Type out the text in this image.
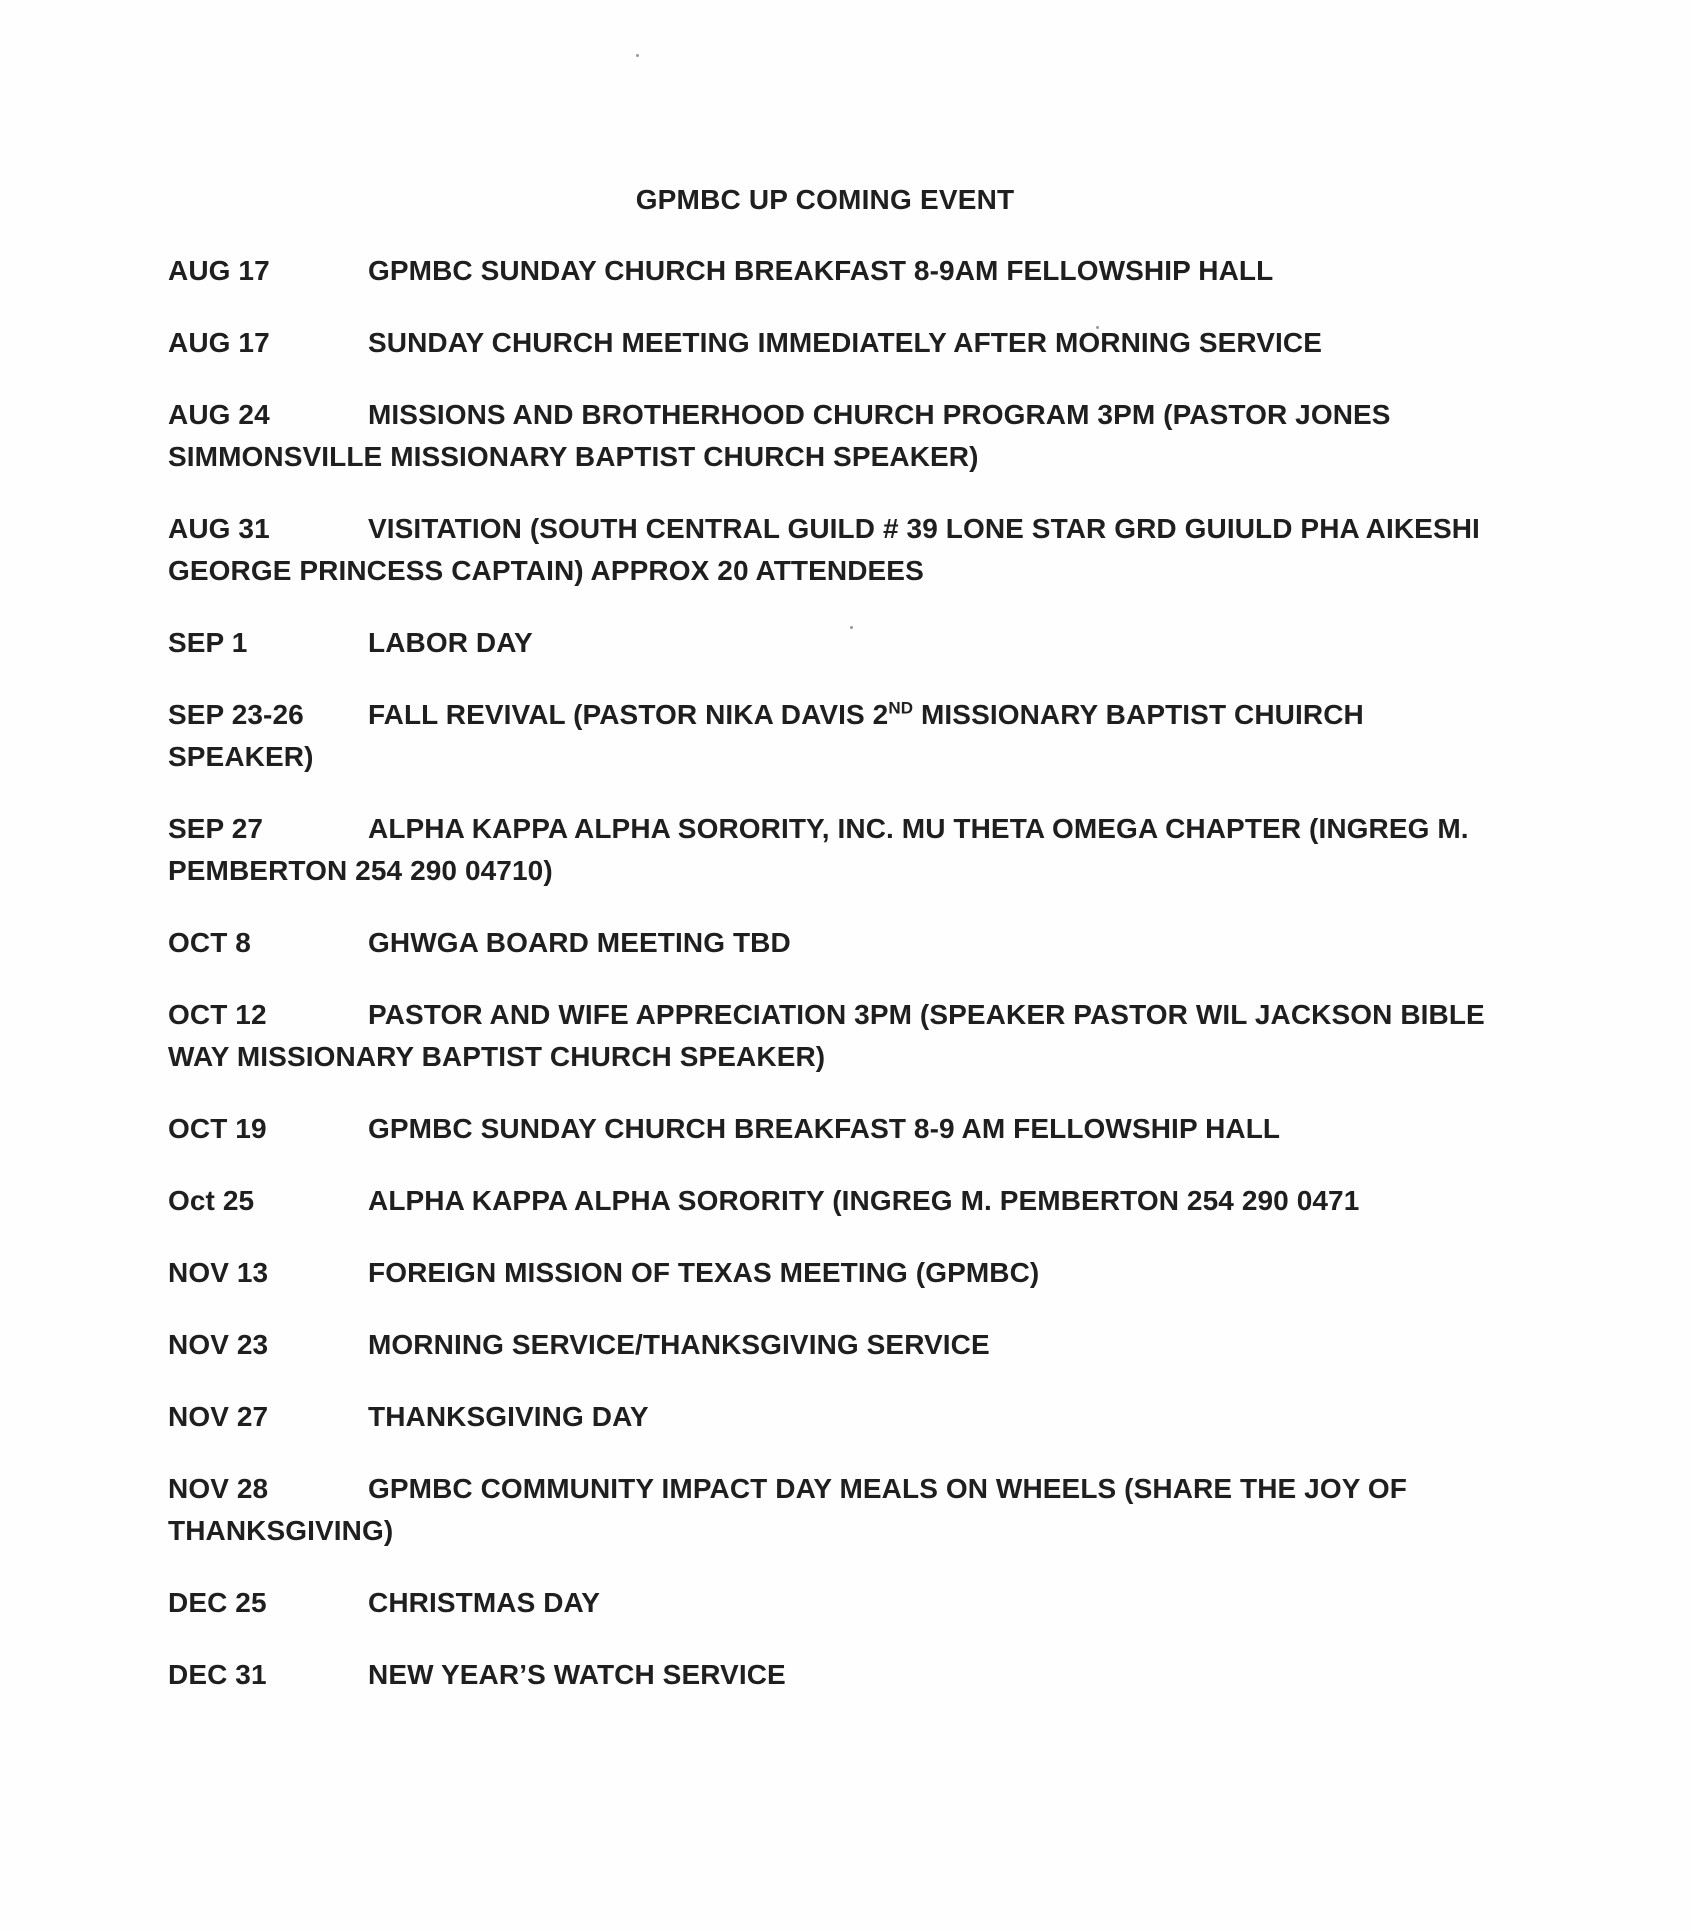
GPMBC UP COMING EVENT
AUG 17	GPMBC SUNDAY CHURCH BREAKFAST 8-9AM FELLOWSHIP HALL
AUG 17	SUNDAY CHURCH MEETING IMMEDIATELY AFTER MORNING SERVICE
AUG 24	MISSIONS AND BROTHERHOOD CHURCH PROGRAM 3PM (PASTOR JONES SIMMONSVILLE MISSIONARY BAPTIST CHURCH SPEAKER)
AUG 31	VISITATION (SOUTH CENTRAL GUILD # 39 LONE STAR GRD GUIULD PHA AIKESHI GEORGE PRINCESS CAPTAIN) APPROX 20 ATTENDEES
SEP 1	LABOR DAY
SEP 23-26 FALL REVIVAL (PASTOR NIKA DAVIS 2ND MISSIONARY BAPTIST CHUIRCH SPEAKER)
SEP 27	ALPHA KAPPA ALPHA SORORITY, INC. MU THETA OMEGA CHAPTER (INGREG M. PEMBERTON 254 290 04710)
OCT 8	GHWGA BOARD MEETING TBD
OCT 12	PASTOR AND WIFE APPRECIATION 3PM (SPEAKER PASTOR WIL JACKSON BIBLE WAY MISSIONARY BAPTIST CHURCH SPEAKER)
OCT 19	GPMBC SUNDAY CHURCH BREAKFAST 8-9 AM FELLOWSHIP HALL
Oct 25	ALPHA KAPPA ALPHA SORORITY (INGREG M. PEMBERTON 254 290 0471
NOV 13	FOREIGN MISSION OF TEXAS MEETING (GPMBC)
NOV 23	MORNING SERVICE/THANKSGIVING SERVICE
NOV 27	THANKSGIVING DAY
NOV 28	GPMBC COMMUNITY IMPACT DAY MEALS ON WHEELS (SHARE THE JOY OF THANKSGIVING)
DEC 25	CHRISTMAS DAY
DEC 31	NEW YEAR’S WATCH SERVICE
